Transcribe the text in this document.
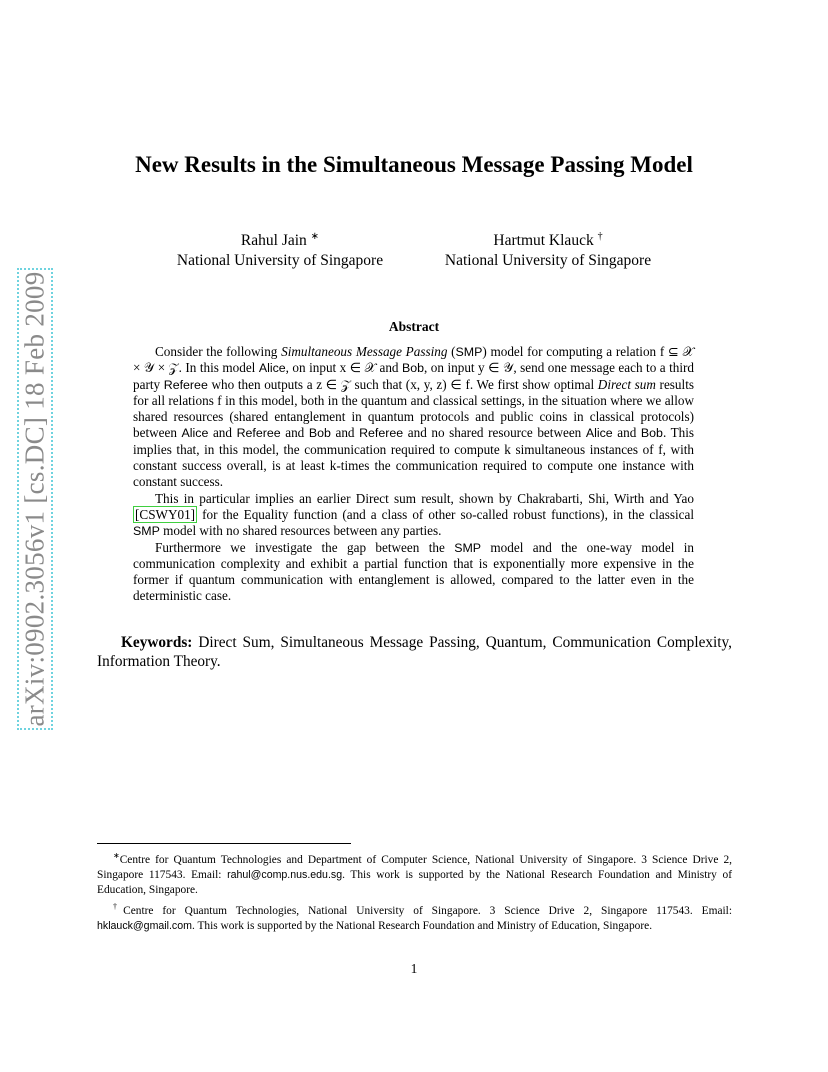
arXiv:0902.3056v1 [cs.DC] 18 Feb 2009
New Results in the Simultaneous Message Passing Model
Rahul Jain ∗
National University of Singapore
Hartmut Klauck †
National University of Singapore
Abstract

Consider the following Simultaneous Message Passing (SMP) model for computing a relation f ⊆ 𝒳 × 𝒴 × 𝒵. In this model Alice, on input x ∈ 𝒳 and Bob, on input y ∈ 𝒴, send one message each to a third party Referee who then outputs a z ∈ 𝒵 such that (x, y, z) ∈ f. We first show optimal Direct sum results for all relations f in this model, both in the quantum and classical settings, in the situation where we allow shared resources (shared entanglement in quantum protocols and public coins in classical protocols) between Alice and Referee and Bob and Referee and no shared resource between Alice and Bob. This implies that, in this model, the communication required to compute k simultaneous instances of f, with constant success overall, is at least k-times the communication required to compute one instance with constant success.

This in particular implies an earlier Direct sum result, shown by Chakrabarti, Shi, Wirth and Yao [CSWY01] for the Equality function (and a class of other so-called robust functions), in the classical SMP model with no shared resources between any parties.

Furthermore we investigate the gap between the SMP model and the one-way model in communication complexity and exhibit a partial function that is exponentially more expensive in the former if quantum communication with entanglement is allowed, compared to the latter even in the deterministic case.

Keywords: Direct Sum, Simultaneous Message Passing, Quantum, Communication Complexity, Information Theory.

∗Centre for Quantum Technologies and Department of Computer Science, National University of Singapore. 3 Science Drive 2, Singapore 117543. Email: rahul@comp.nus.edu.sg. This work is supported by the National Research Foundation and Ministry of Education, Singapore.

†Centre for Quantum Technologies, National University of Singapore. 3 Science Drive 2, Singapore 117543. Email: hklauck@gmail.com. This work is supported by the National Research Foundation and Ministry of Education, Singapore.

1
